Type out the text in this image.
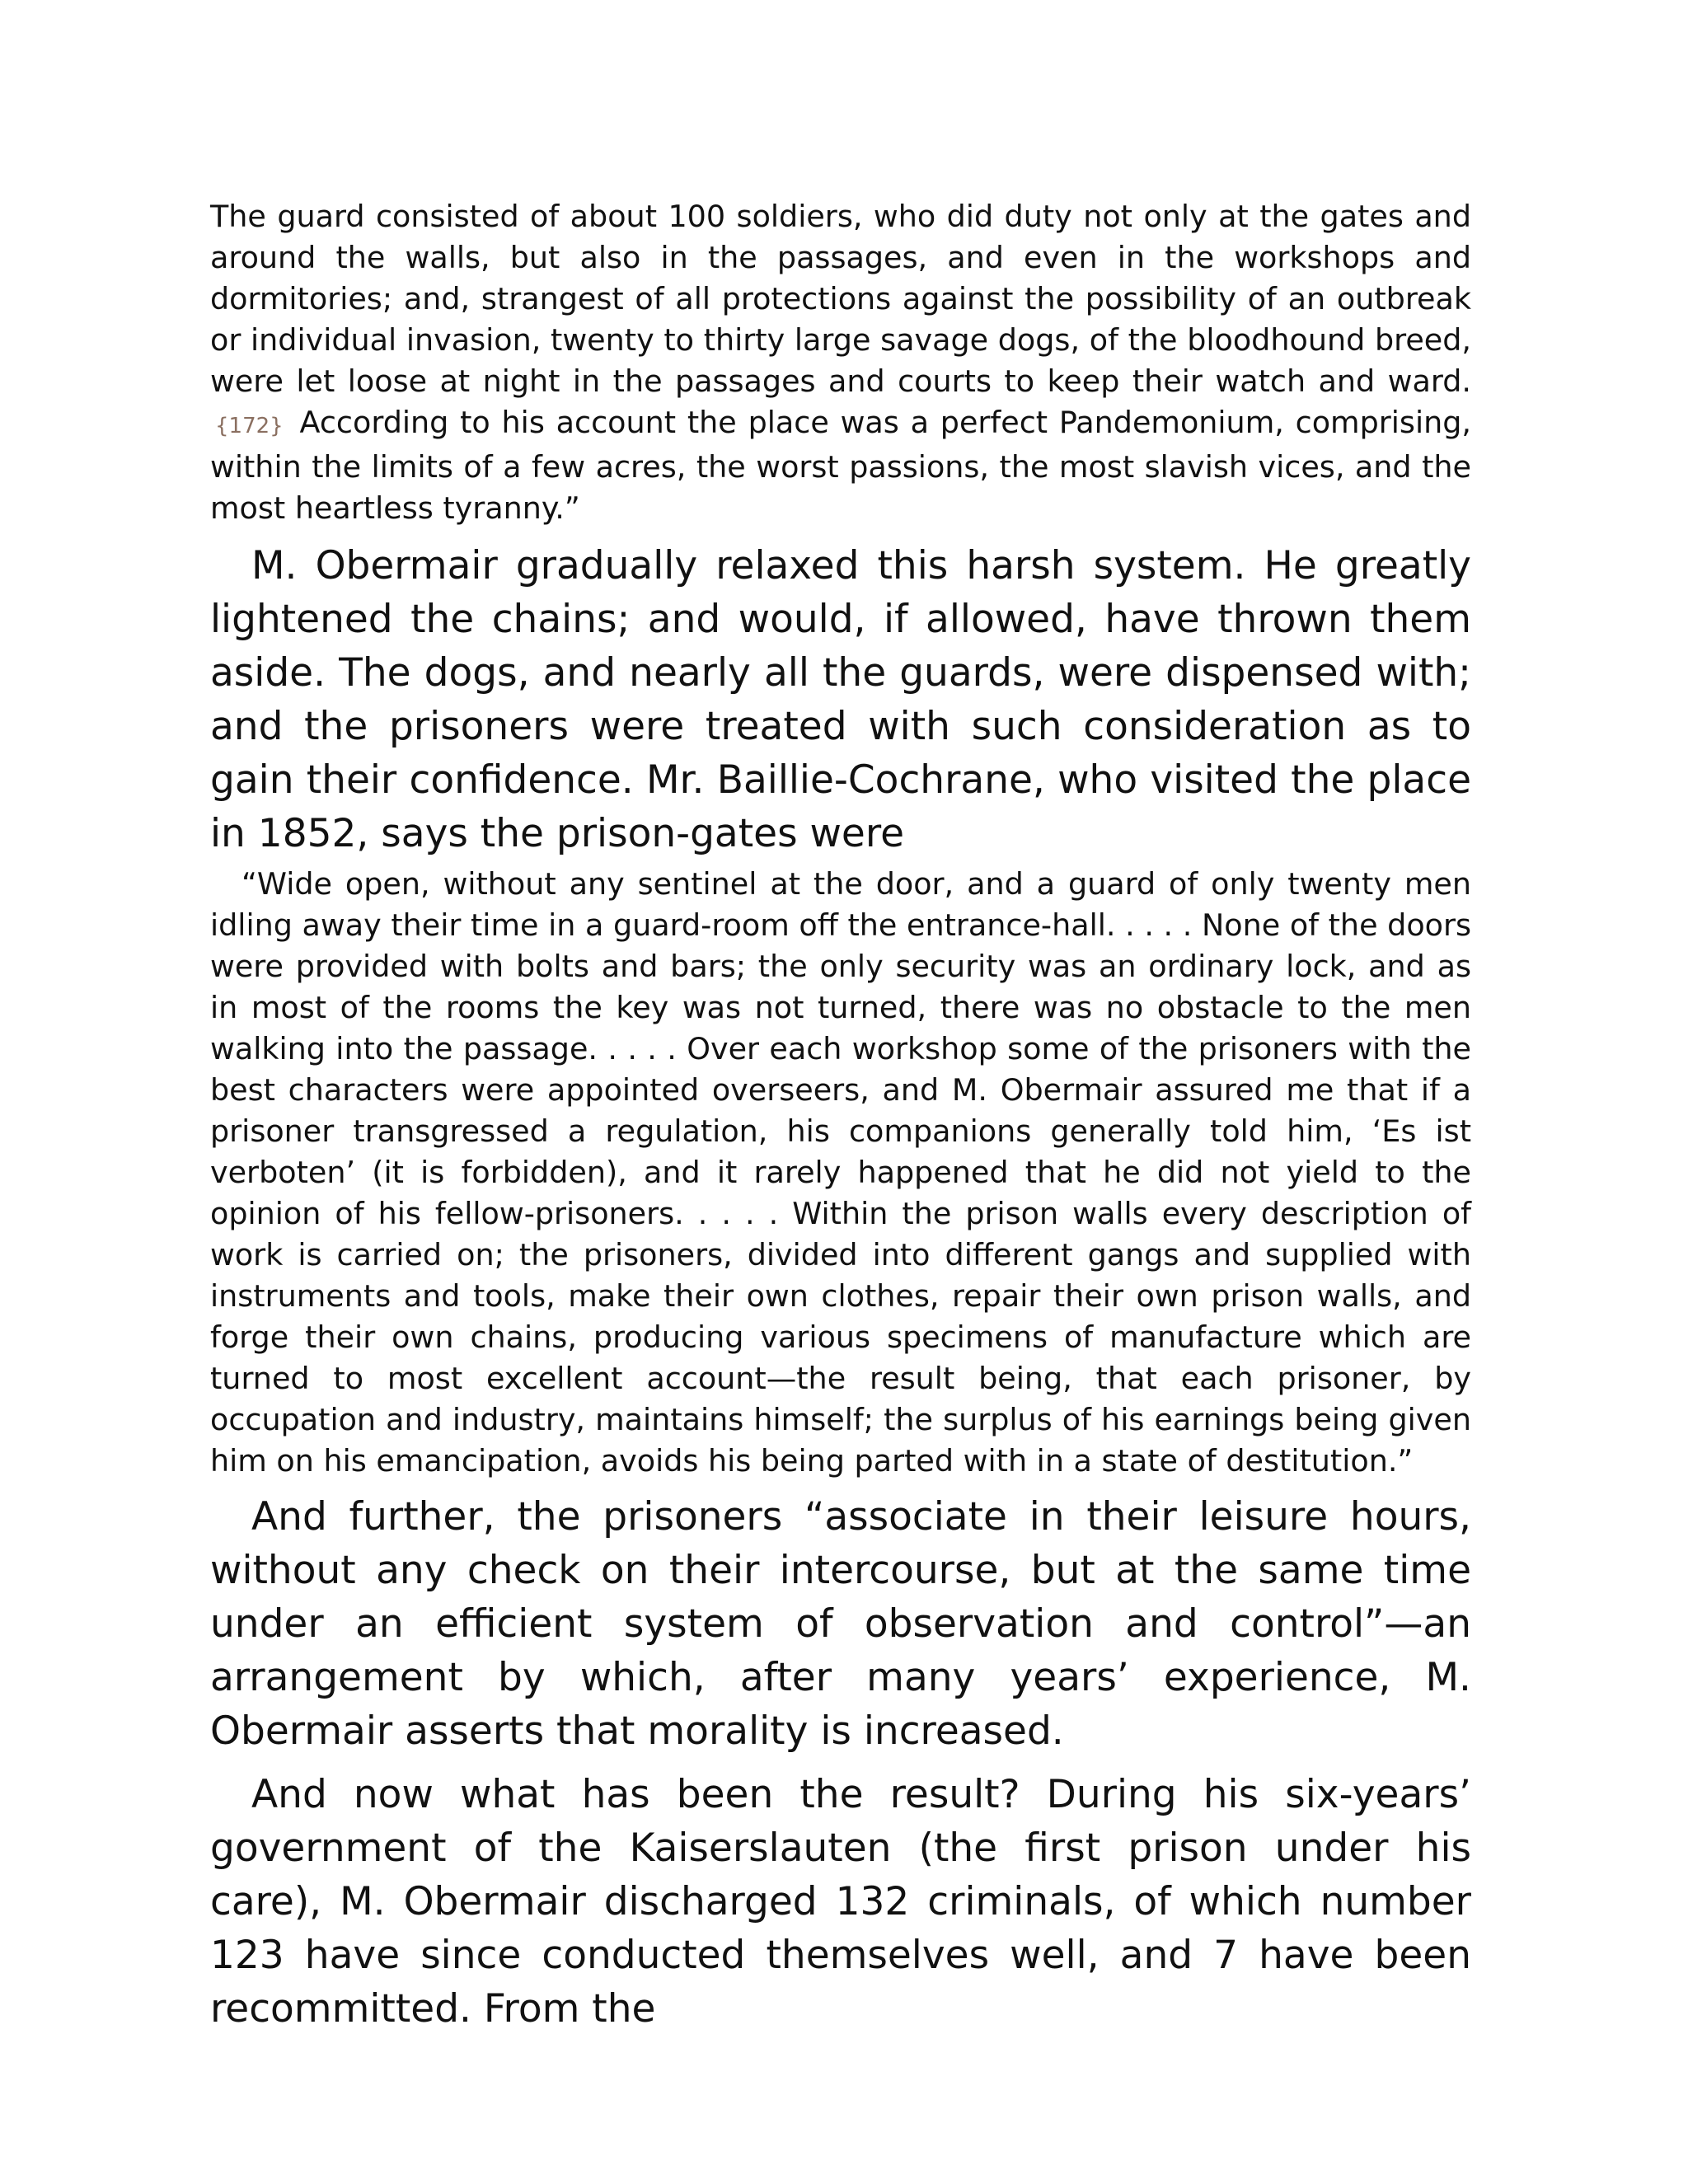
The guard consisted of about 100 soldiers, who did duty not only at the gates and around the walls, but also in the passages, and even in the workshops and dormitories; and, strangest of all protections against the possibility of an outbreak or individual invasion, twenty to thirty large savage dogs, of the bloodhound breed, were let loose at night in the passages and courts to keep their watch and ward. {172} According to his account the place was a perfect Pandemonium, comprising, within the limits of a few acres, the worst passions, the most slavish vices, and the most heartless tyranny.”

M. Obermair gradually relaxed this harsh system. He greatly lightened the chains; and would, if allowed, have thrown them aside. The dogs, and nearly all the guards, were dispensed with; and the prisoners were treated with such consideration as to gain their confidence. Mr. Baillie-Cochrane, who visited the place in 1852, says the prison-gates were

“Wide open, without any sentinel at the door, and a guard of only twenty men idling away their time in a guard-room off the entrance-hall. . . . . None of the doors were provided with bolts and bars; the only security was an ordinary lock, and as in most of the rooms the key was not turned, there was no obstacle to the men walking into the passage. . . . . Over each workshop some of the prisoners with the best characters were appointed overseers, and M. Obermair assured me that if a prisoner transgressed a regulation, his companions generally told him, ‘Es ist verboten’ (it is forbidden), and it rarely happened that he did not yield to the opinion of his fellow-prisoners. . . . . Within the prison walls every description of work is carried on; the prisoners, divided into different gangs and supplied with instruments and tools, make their own clothes, repair their own prison walls, and forge their own chains, producing various specimens of manufacture which are turned to most excellent account—the result being, that each prisoner, by occupation and industry, maintains himself; the surplus of his earnings being given him on his emancipation, avoids his being parted with in a state of destitution.”

And further, the prisoners “associate in their leisure hours, without any check on their intercourse, but at the same time under an efficient system of observation and control”—an arrangement by which, after many years’ experience, M. Obermair asserts that morality is increased.

And now what has been the result? During his six-years’ government of the Kaiserslauten (the first prison under his care), M. Obermair discharged 132 criminals, of which number 123 have since conducted themselves well, and 7 have been recommitted. From the
